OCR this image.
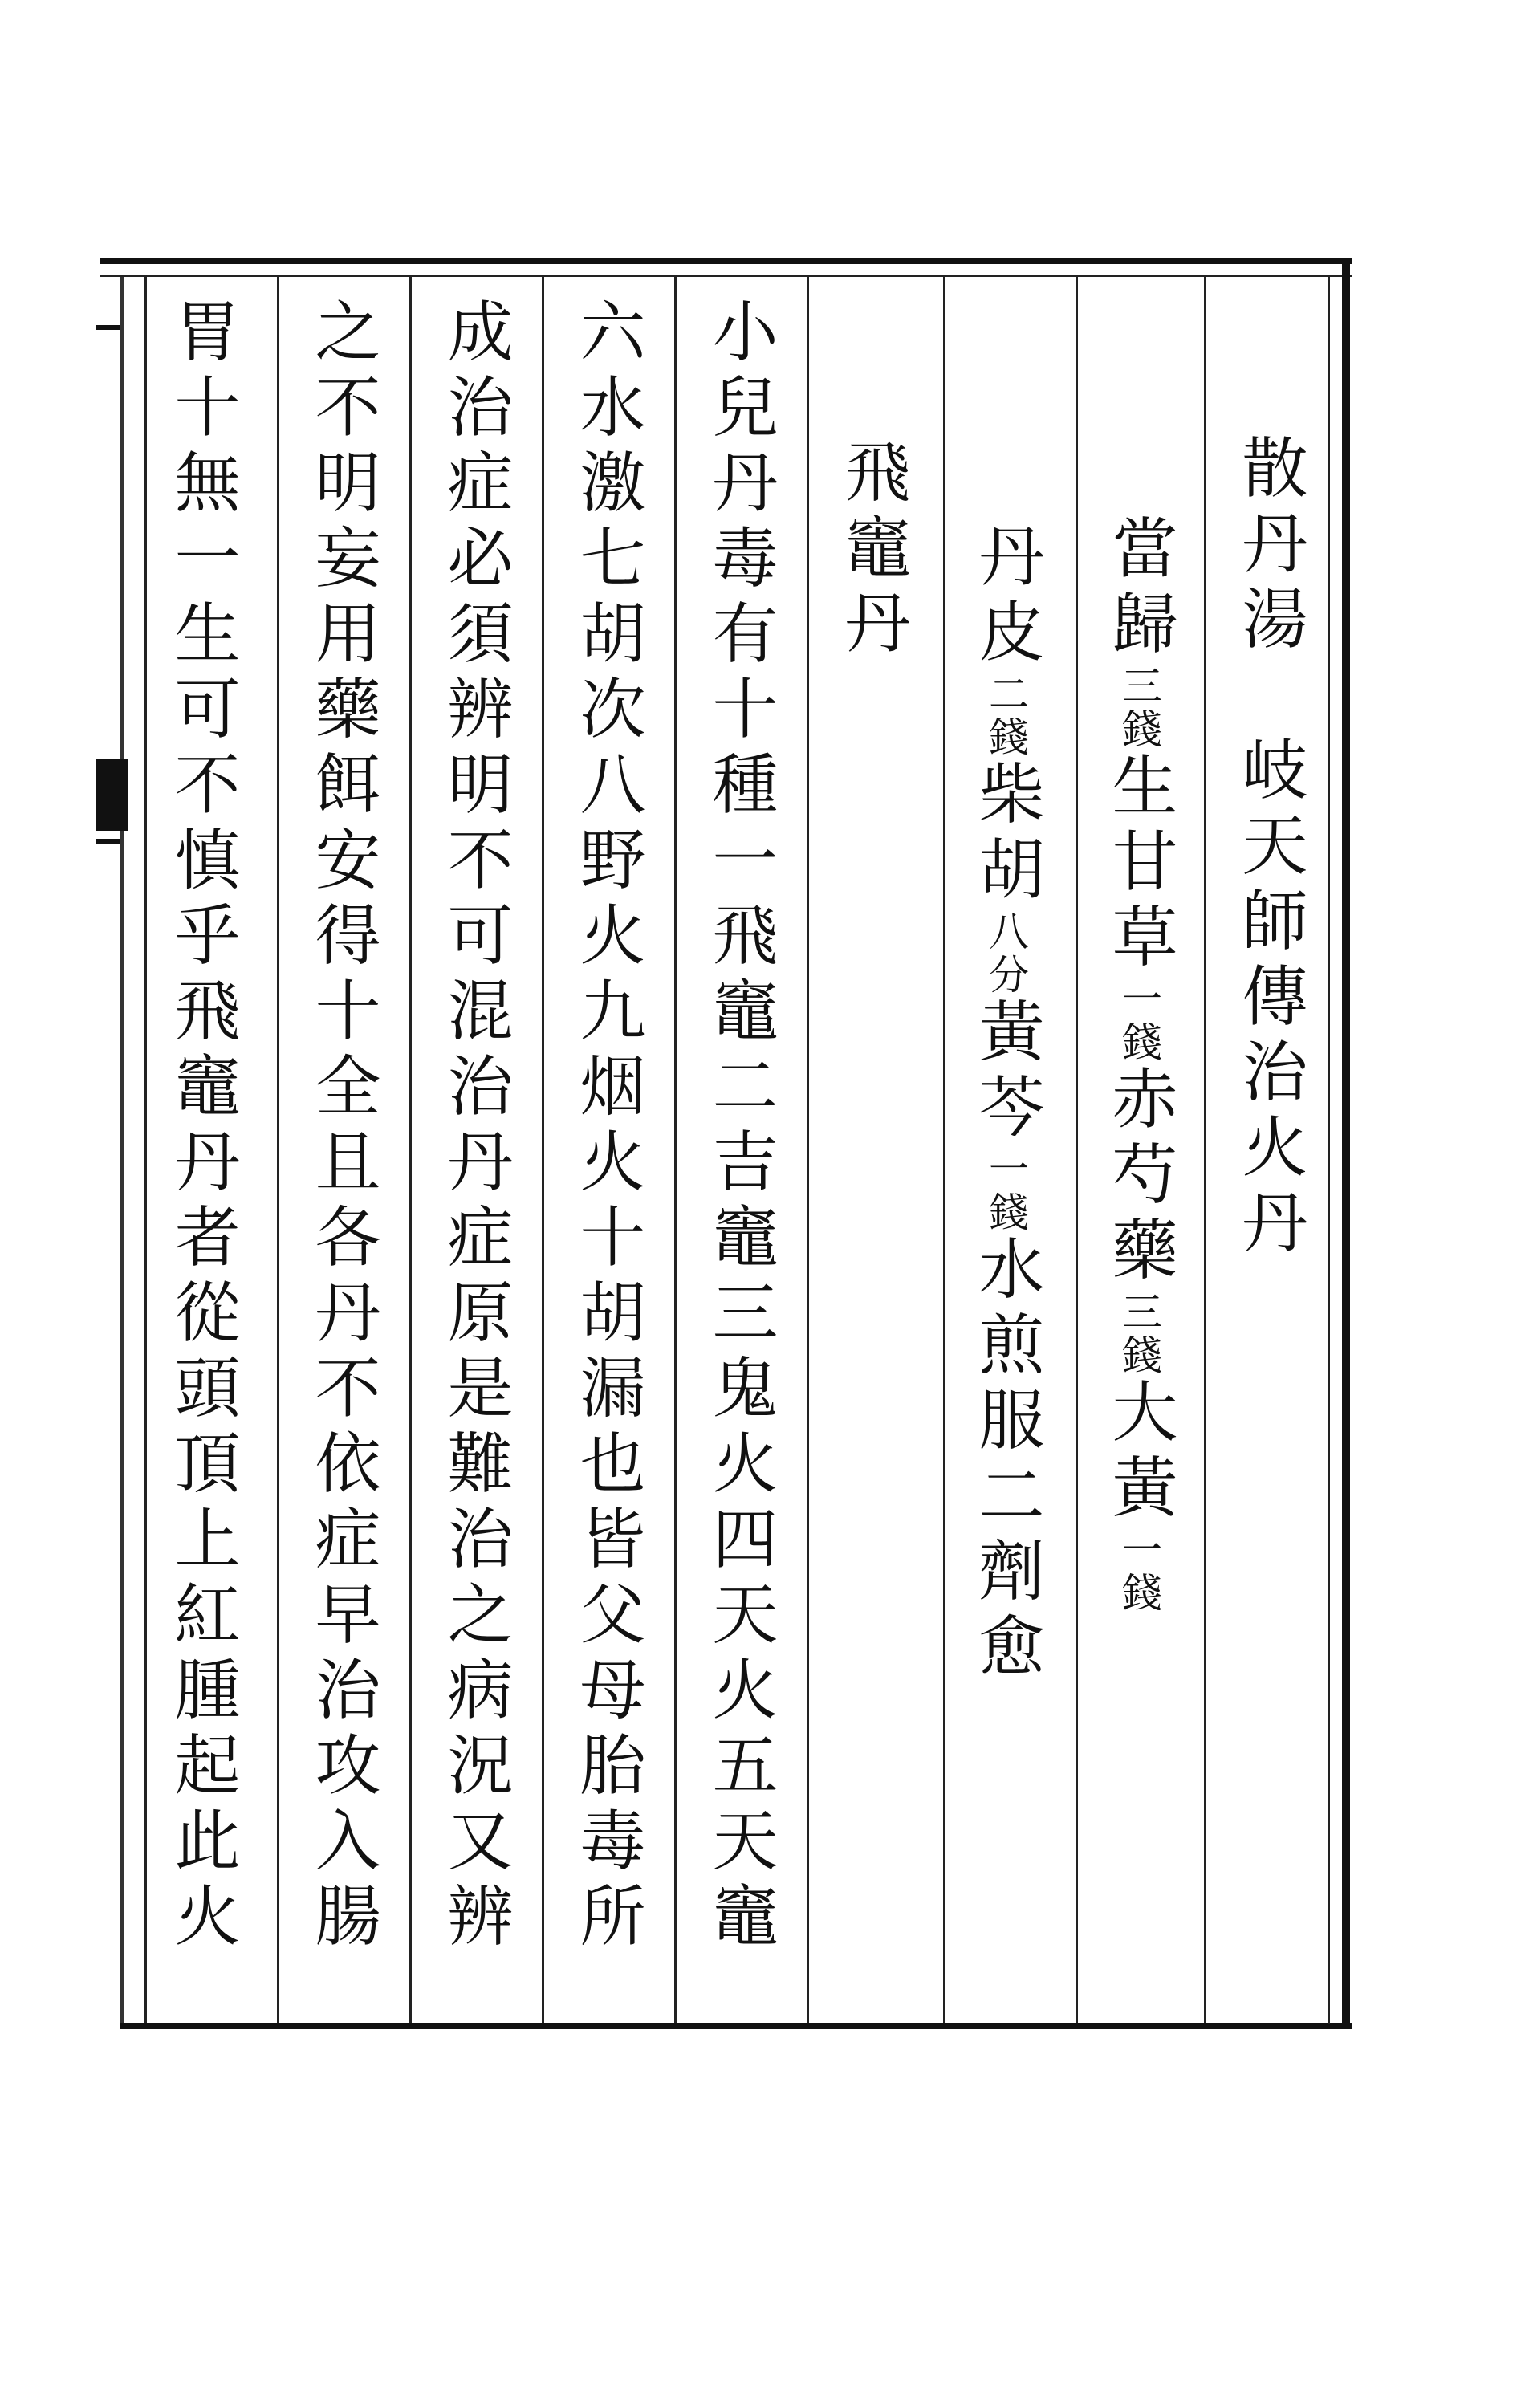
散丹湯　岐天師傳治火丹
當歸三錢生甘草一錢赤芍藥三錢大黃一錢
丹皮二錢柴胡八分黃芩一錢水煎服二劑愈
飛竈丹
小兒丹毒有十種一飛竈二吉竈三鬼火四天火五天竈
六水激七胡次八野火九烟火十胡漏也皆父母胎毒所
成治症必須辨明不可混治丹症原是難治之病況又辨
之不明妄用藥餌安得十全且各丹不依症早治攻入腸
胃十無一生可不慎乎飛竈丹者從頭頂上紅腫起此火
